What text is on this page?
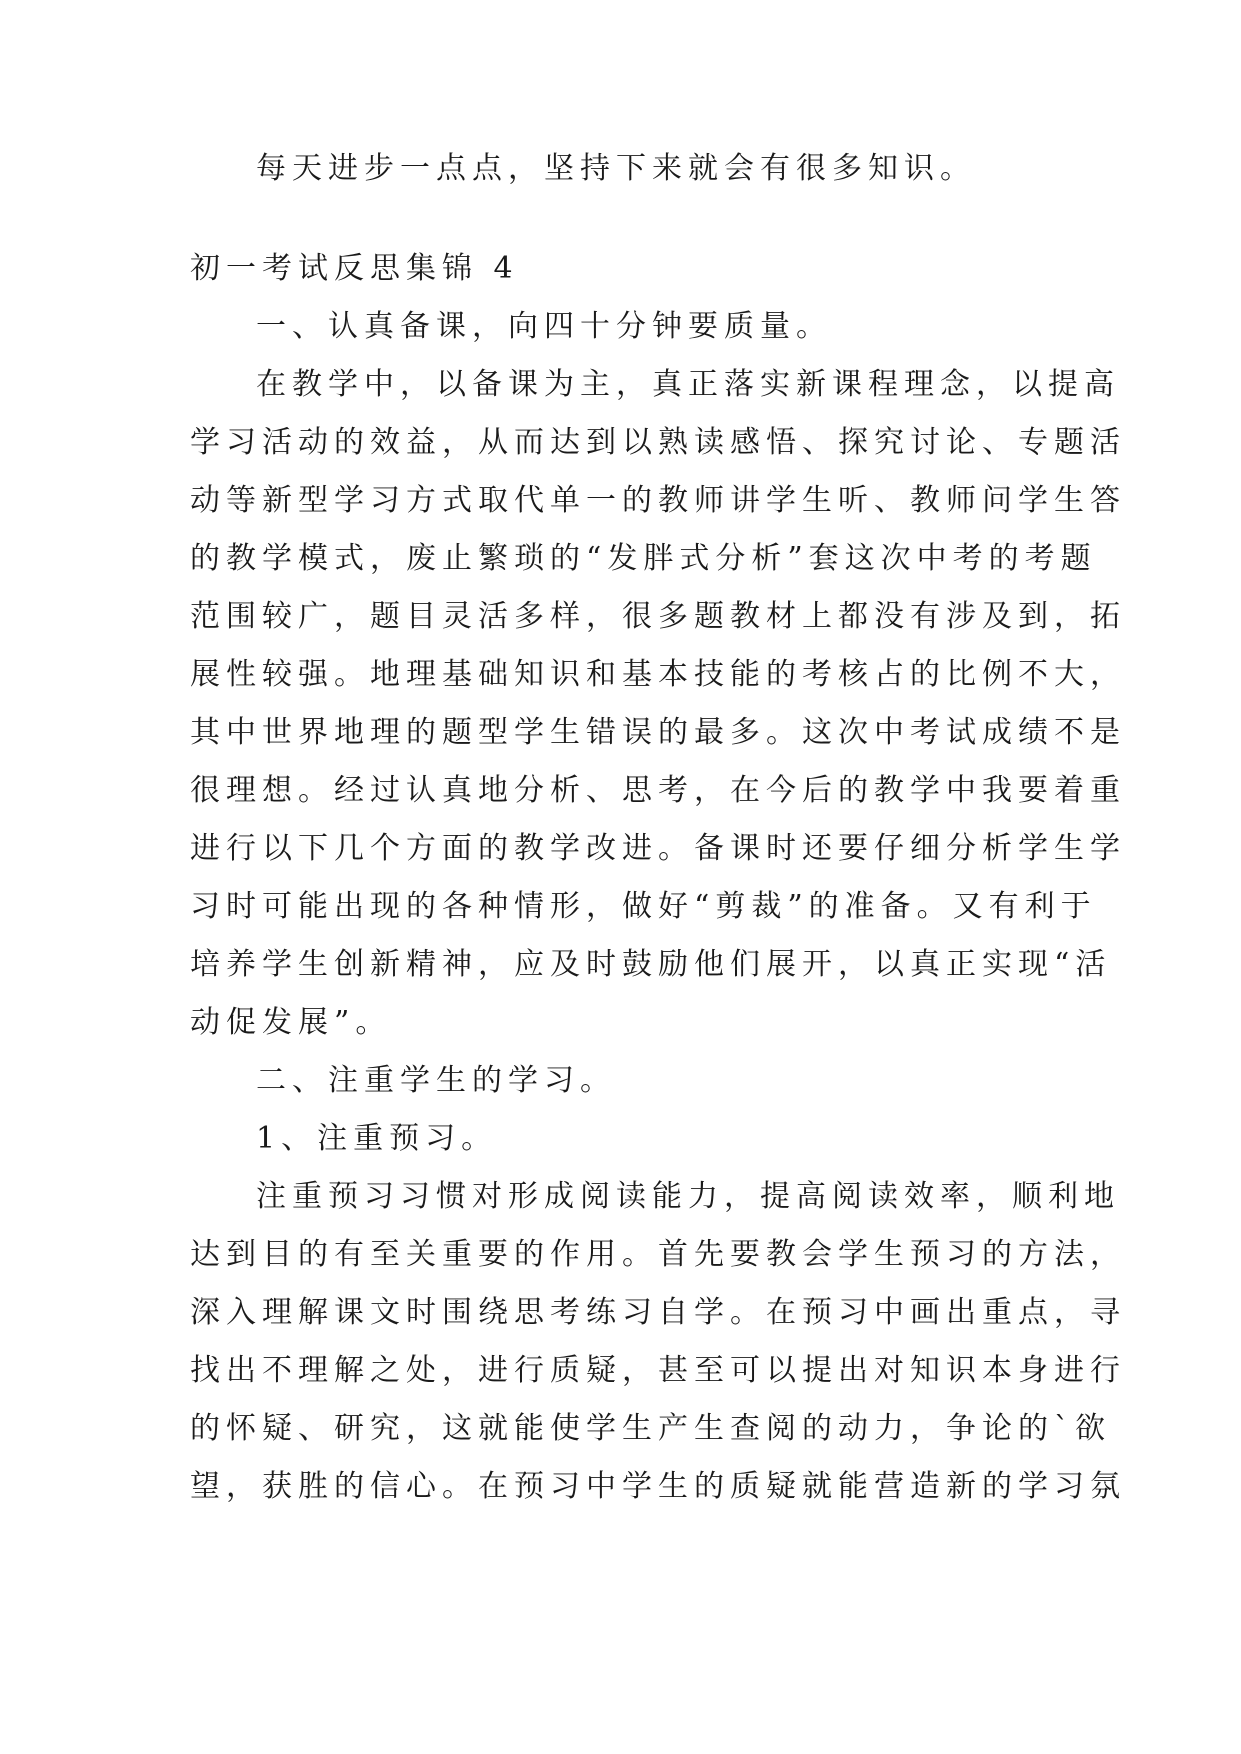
每天进步一点点，坚持下来就会有很多知识。
初一考试反思集锦 4
一、认真备课，向四十分钟要质量。
在教学中，以备课为主，真正落实新课程理念，以提高
学习活动的效益，从而达到以熟读感悟、探究讨论、专题活
动等新型学习方式取代单一的教师讲学生听、教师问学生答
的教学模式，废止繁琐的“发胖式分析”套这次中考的考题
范围较广，题目灵活多样，很多题教材上都没有涉及到，拓
展性较强。地理基础知识和基本技能的考核占的比例不大，
其中世界地理的题型学生错误的最多。这次中考试成绩不是
很理想。经过认真地分析、思考，在今后的教学中我要着重
进行以下几个方面的教学改进。备课时还要仔细分析学生学
习时可能出现的各种情形，做好“剪裁”的准备。又有利于
培养学生创新精神，应及时鼓励他们展开，以真正实现“活
动促发展”。
二、注重学生的学习。
1、注重预习。
注重预习习惯对形成阅读能力，提高阅读效率，顺利地
达到目的有至关重要的作用。首先要教会学生预习的方法，
深入理解课文时围绕思考练习自学。在预习中画出重点，寻
找出不理解之处，进行质疑，甚至可以提出对知识本身进行
的怀疑、研究，这就能使学生产生查阅的动力，争论的`欲
望，获胜的信心。在预习中学生的质疑就能营造新的学习氛
